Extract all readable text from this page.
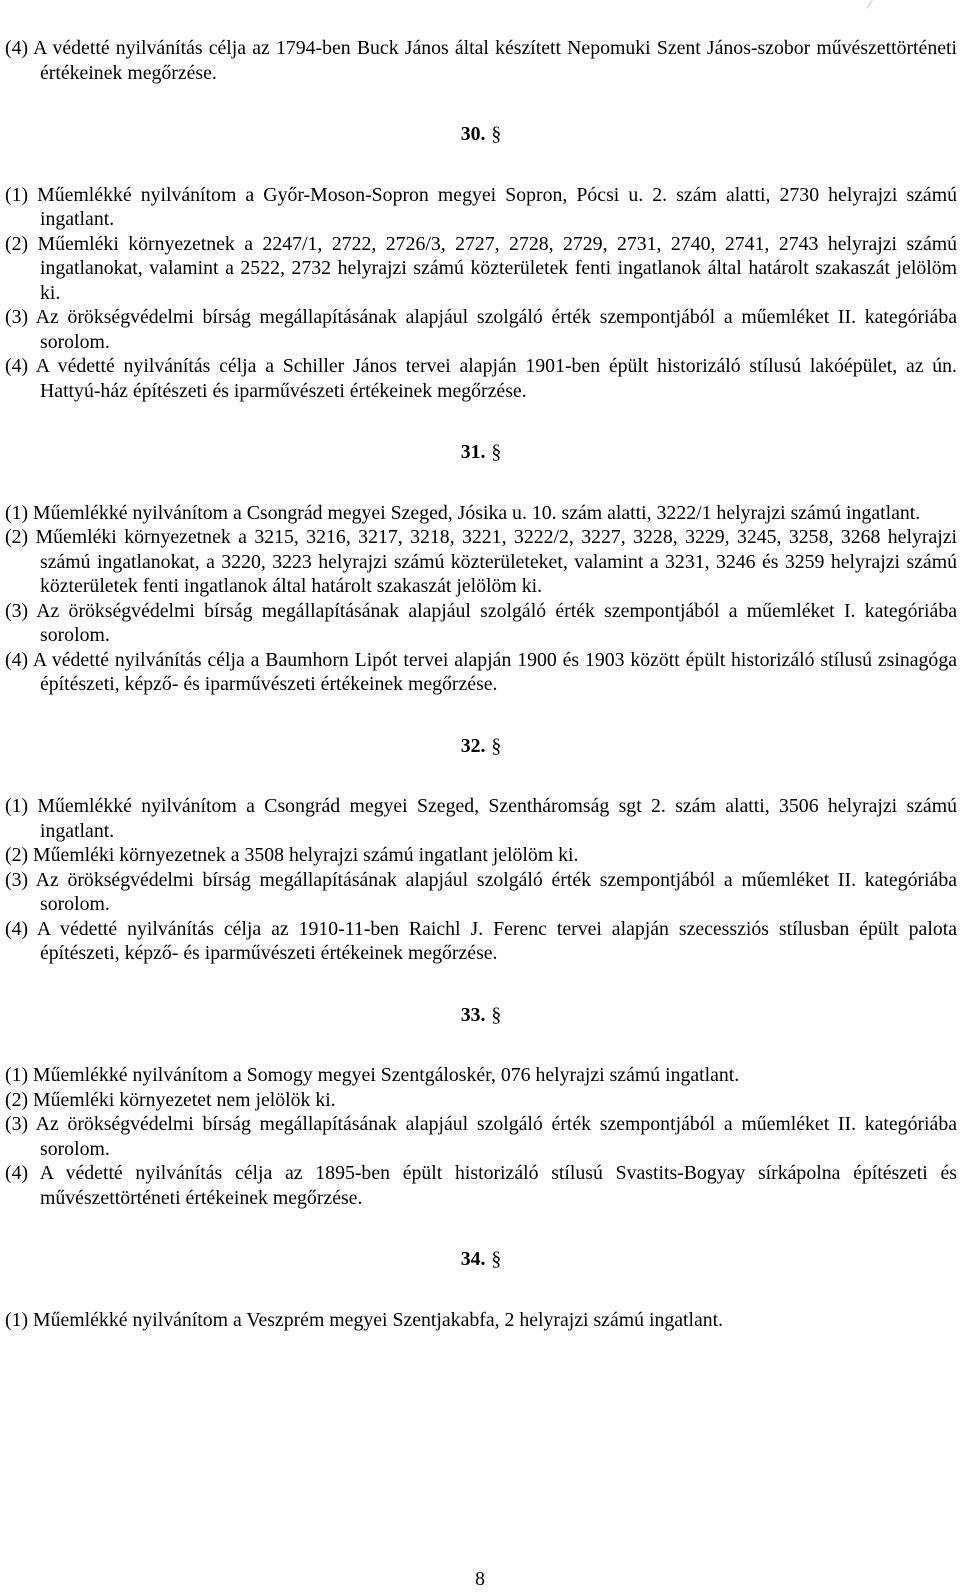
(4) A védetté nyilvánítás célja az 1794-ben Buck János által készített Nepomuki Szent János-szobor művészettörténeti értékeinek megőrzése.

30. §

(1) Műemlékké nyilvánítom a Győr-Moson-Sopron megyei Sopron, Pócsi u. 2. szám alatti, 2730 helyrajzi számú ingatlant.

(2) Műemléki környezetnek a 2247/1, 2722, 2726/3, 2727, 2728, 2729, 2731, 2740, 2741, 2743 helyrajzi számú ingatlanokat, valamint a 2522, 2732 helyrajzi számú közterületek fenti ingatlanok által határolt szakaszát jelölöm ki.

(3) Az örökségvédelmi bírság megállapításának alapjául szolgáló érték szempontjából a műemléket II. kategóriába sorolom.

(4) A védetté nyilvánítás célja a Schiller János tervei alapján 1901-ben épült historizáló stílusú lakóépület, az ún. Hattyú-ház építészeti és iparművészeti értékeinek megőrzése.

31. §

(1) Műemlékké nyilvánítom a Csongrád megyei Szeged, Jósika u. 10. szám alatti, 3222/1 helyrajzi számú ingatlant.

(2) Műemléki környezetnek a 3215, 3216, 3217, 3218, 3221, 3222/2, 3227, 3228, 3229, 3245, 3258, 3268 helyrajzi számú ingatlanokat, a 3220, 3223 helyrajzi számú közterületeket, valamint a 3231, 3246 és 3259 helyrajzi számú közterületek fenti ingatlanok által határolt szakaszát jelölöm ki.

(3) Az örökségvédelmi bírság megállapításának alapjául szolgáló érték szempontjából a műemléket I. kategóriába sorolom.

(4) A védetté nyilvánítás célja a Baumhorn Lipót tervei alapján 1900 és 1903 között épült historizáló stílusú zsinagóga építészeti, képző- és iparművészeti értékeinek megőrzése.

32. §

(1) Műemlékké nyilvánítom a Csongrád megyei Szeged, Szentháromság sgt 2. szám alatti, 3506 helyrajzi számú ingatlant.

(2) Műemléki környezetnek a 3508 helyrajzi számú ingatlant jelölöm ki.

(3) Az örökségvédelmi bírság megállapításának alapjául szolgáló érték szempontjából a műemléket II. kategóriába sorolom.

(4) A védetté nyilvánítás célja az 1910-11-ben Raichl J. Ferenc tervei alapján szecessziós stílusban épült palota építészeti, képző- és iparművészeti értékeinek megőrzése.

33. §

(1) Műemlékké nyilvánítom a Somogy megyei Szentgáloskér, 076 helyrajzi számú ingatlant.

(2) Műemléki környezetet nem jelölök ki.

(3) Az örökségvédelmi bírság megállapításának alapjául szolgáló érték szempontjából a műemléket II. kategóriába sorolom.

(4) A védetté nyilvánítás célja az 1895-ben épült historizáló stílusú Svastits-Bogyay sírkápolna építészeti és művészettörténeti értékeinek megőrzése.

34. §

(1) Műemlékké nyilvánítom a Veszprém megyei Szentjakabfa, 2 helyrajzi számú ingatlant.

8
